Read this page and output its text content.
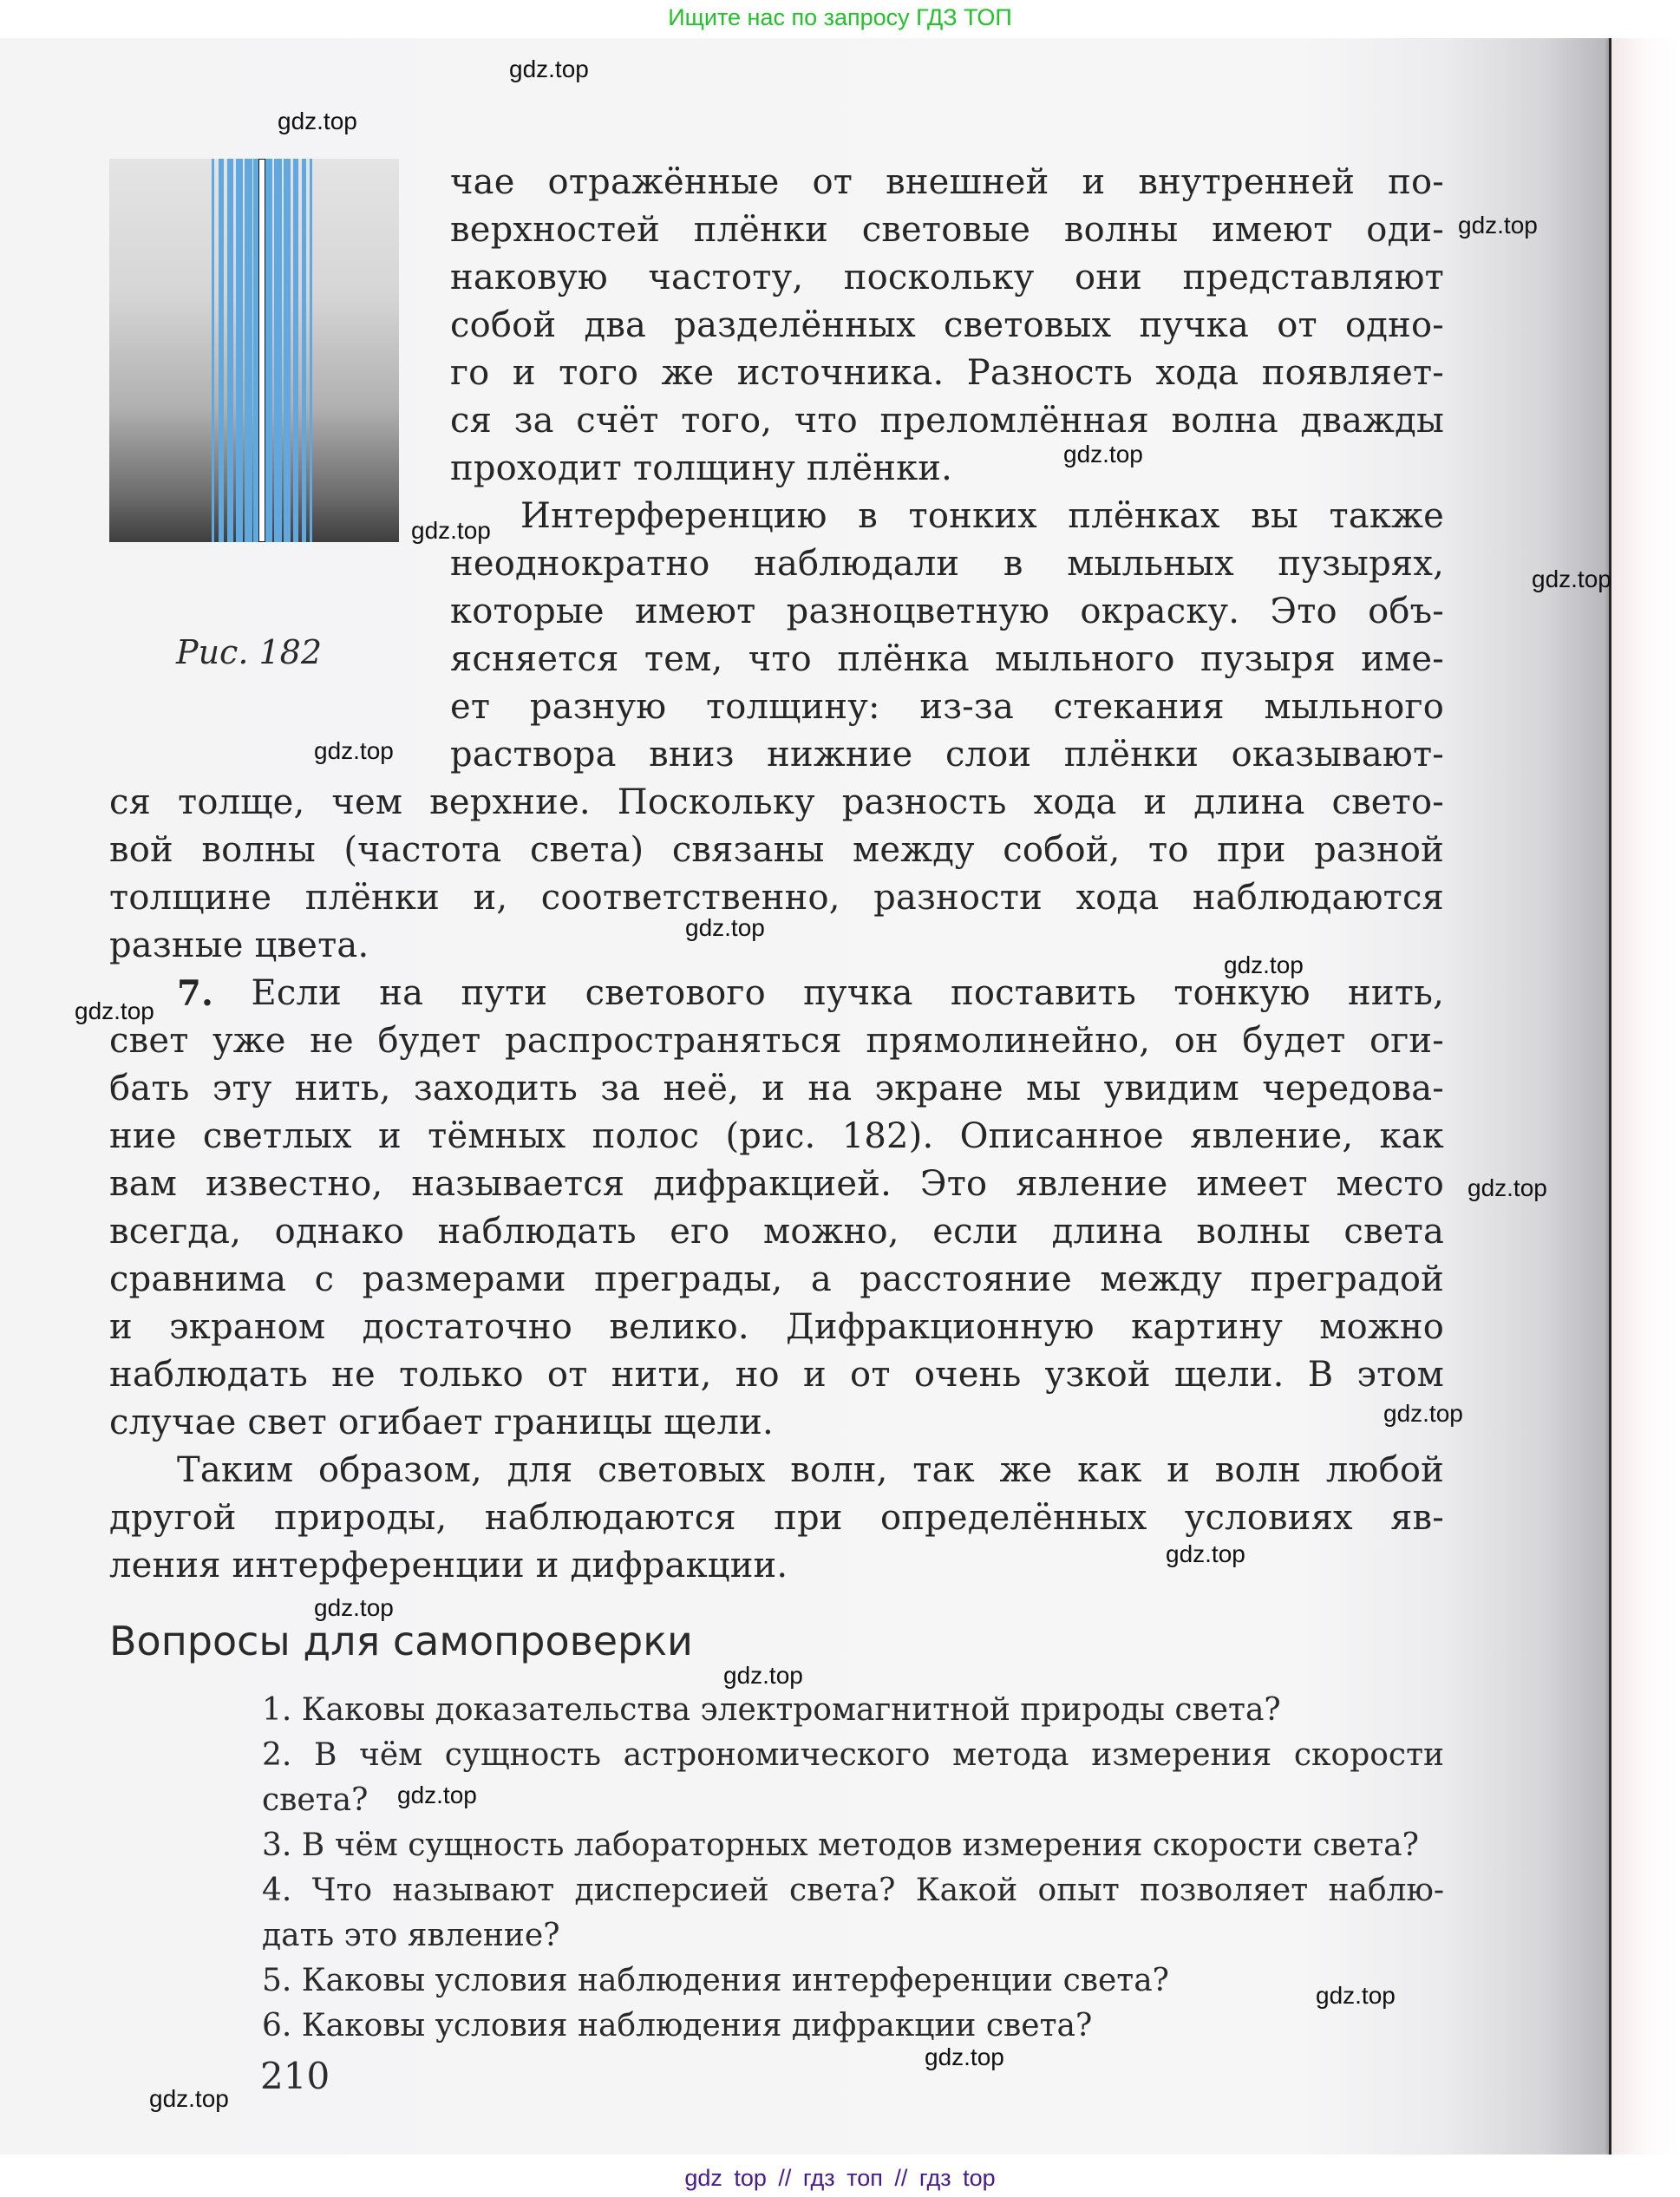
Ищите нас по запросу ГДЗ ТОП
Рис. 182
чае отражённые от внешней и внутренней по-
верхностей плёнки световые волны имеют оди-
наковую частоту, поскольку они представляют
собой два разделённых световых пучка от одно-
го и того же источника. Разность хода появляет-
ся за счёт того, что преломлённая волна дважды
проходит толщину плёнки.
Интерференцию в тонких плёнках вы также
неоднократно наблюдали в мыльных пузырях,
которые имеют разноцветную окраску. Это объ-
ясняется тем, что плёнка мыльного пузыря име-
ет разную толщину: из-за стекания мыльного
раствора вниз нижние слои плёнки оказывают-
ся толще, чем верхние. Поскольку разность хода и длина свето-
вой волны (частота света) связаны между собой, то при разной
толщине плёнки и, соответственно, разности хода наблюдаются
разные цвета.
7. Если на пути светового пучка поставить тонкую нить,
свет уже не будет распространяться прямолинейно, он будет оги-
бать эту нить, заходить за неё, и на экране мы увидим чередова-
ние светлых и тёмных полос (рис. 182). Описанное явление, как
вам известно, называется дифракцией. Это явление имеет место
всегда, однако наблюдать его можно, если длина волны света
сравнима с размерами преграды, а расстояние между преградой
и экраном достаточно велико. Дифракционную картину можно
наблюдать не только от нити, но и от очень узкой щели. В этом
случае свет огибает границы щели.
Таким образом, для световых волн, так же как и волн любой
другой природы, наблюдаются при определённых условиях яв-
ления интерференции и дифракции.
Вопросы для самопроверки
1. Каковы доказательства электромагнитной природы света?
2. В чём сущность астрономического метода измерения скорости
света?
3. В чём сущность лабораторных методов измерения скорости света?
4. Что называют дисперсией света? Какой опыт позволяет наблю-
дать это явление?
5. Каковы условия наблюдения интерференции света?
6. Каковы условия наблюдения дифракции света?
210
gdz.top
gdz.top
gdz.top
gdz.top
gdz.top
gdz.top
gdz.top
gdz.top
gdz.top
gdz.top
gdz.top
gdz.top
gdz.top
gdz.top
gdz.top
gdz.top
gdz.top
gdz.top
gdz.top
gdz top // гдз топ // гдз top
